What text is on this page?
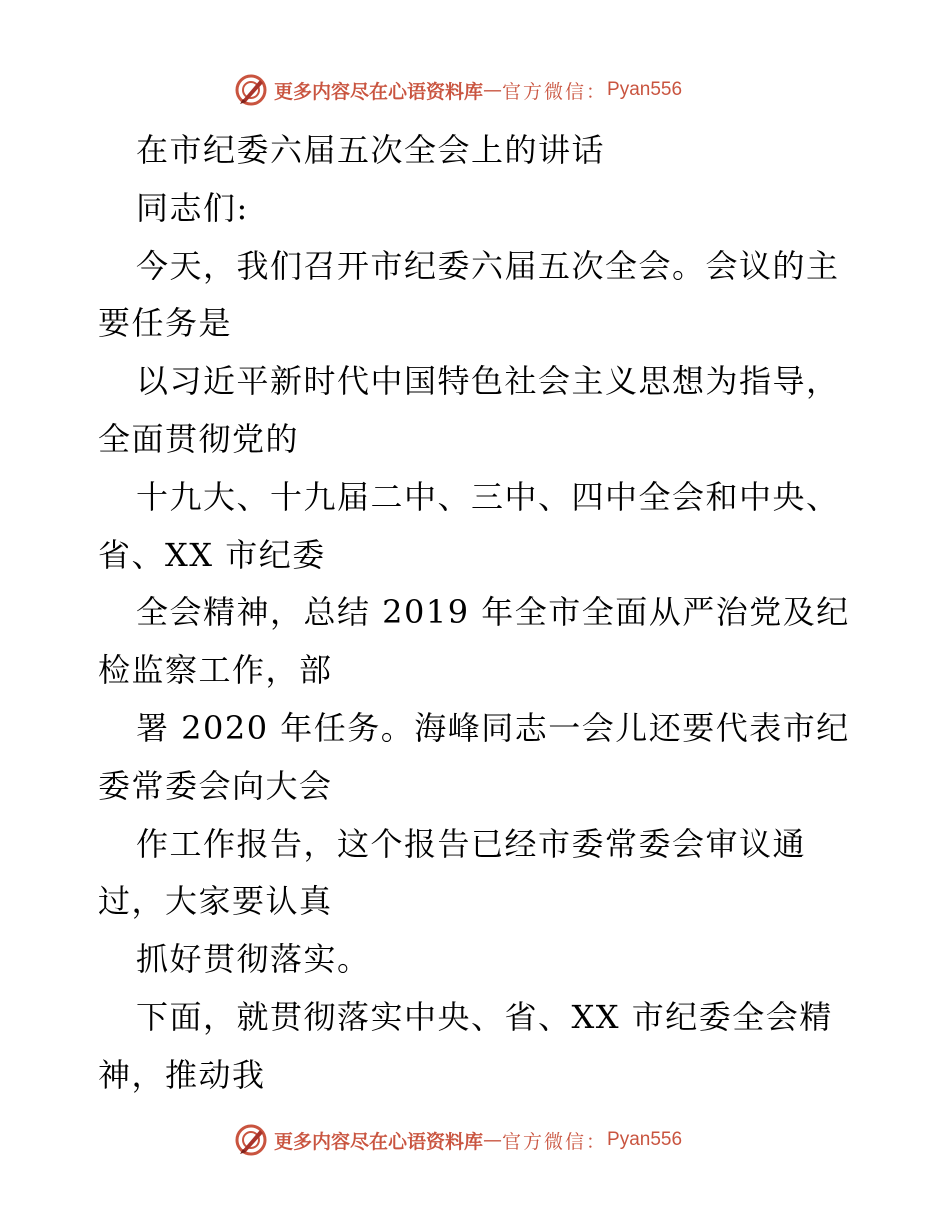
更多内容尽在心语资料库 — 官方微信： Pyan556
在市纪委六届五次全会上的讲话
同志们:
今天，我们召开市纪委六届五次全会。会议的主
要任务是
以习近平新时代中国特色社会主义思想为指导，
全面贯彻党的
十九大、十九届二中、三中、四中全会和中央、
省、XX 市纪委
全会精神，总结 2019 年全市全面从严治党及纪
检监察工作，部
署 2020 年任务。海峰同志一会儿还要代表市纪
委常委会向大会
作工作报告，这个报告已经市委常委会审议通
过，大家要认真
抓好贯彻落实。
下面，就贯彻落实中央、省、XX 市纪委全会精
神，推动我
更多内容尽在心语资料库 — 官方微信： Pyan556
